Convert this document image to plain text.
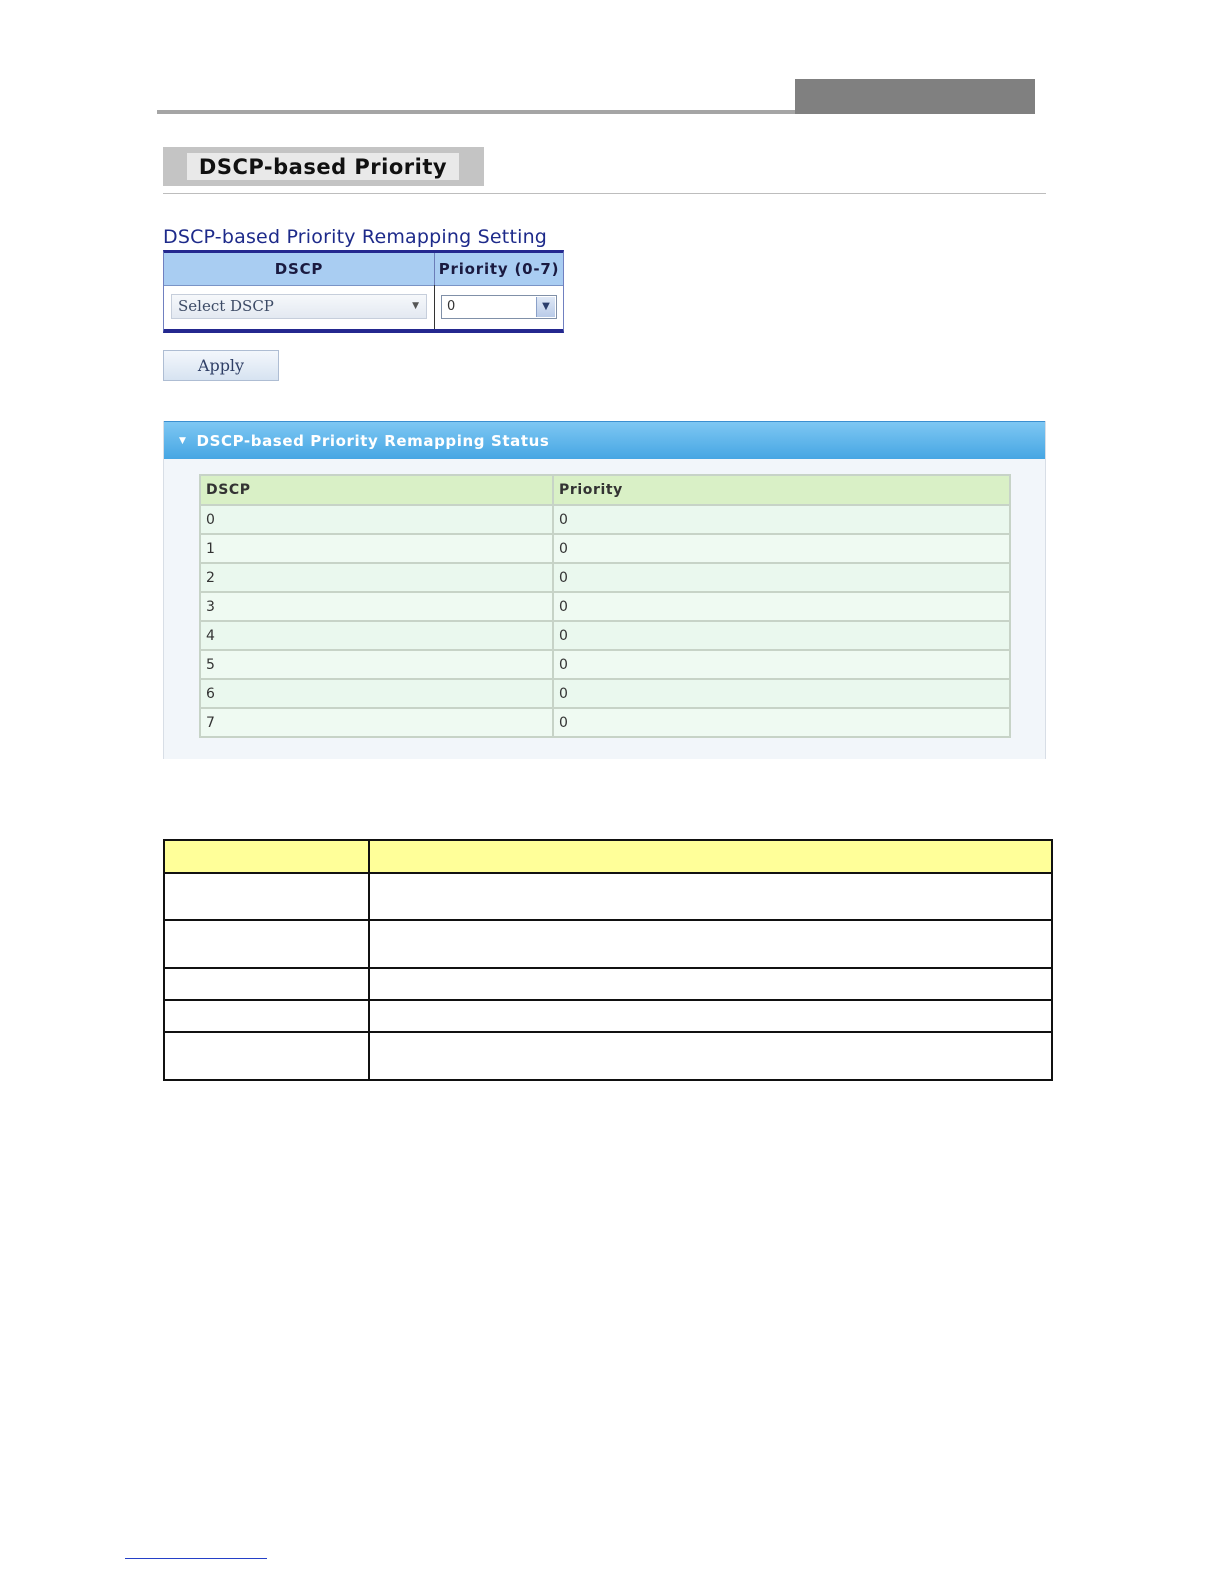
DSCP-based Priority
DSCP-based Priority Remapping Setting
DSCP	Priority (0-7)
Select DSCP	▼	0	▼
Apply
▼ DSCP-based Priority Remapping Status
DSCP	Priority
0	0
1	0
2	0
3	0
4	0
5	0
6	0
7	0
